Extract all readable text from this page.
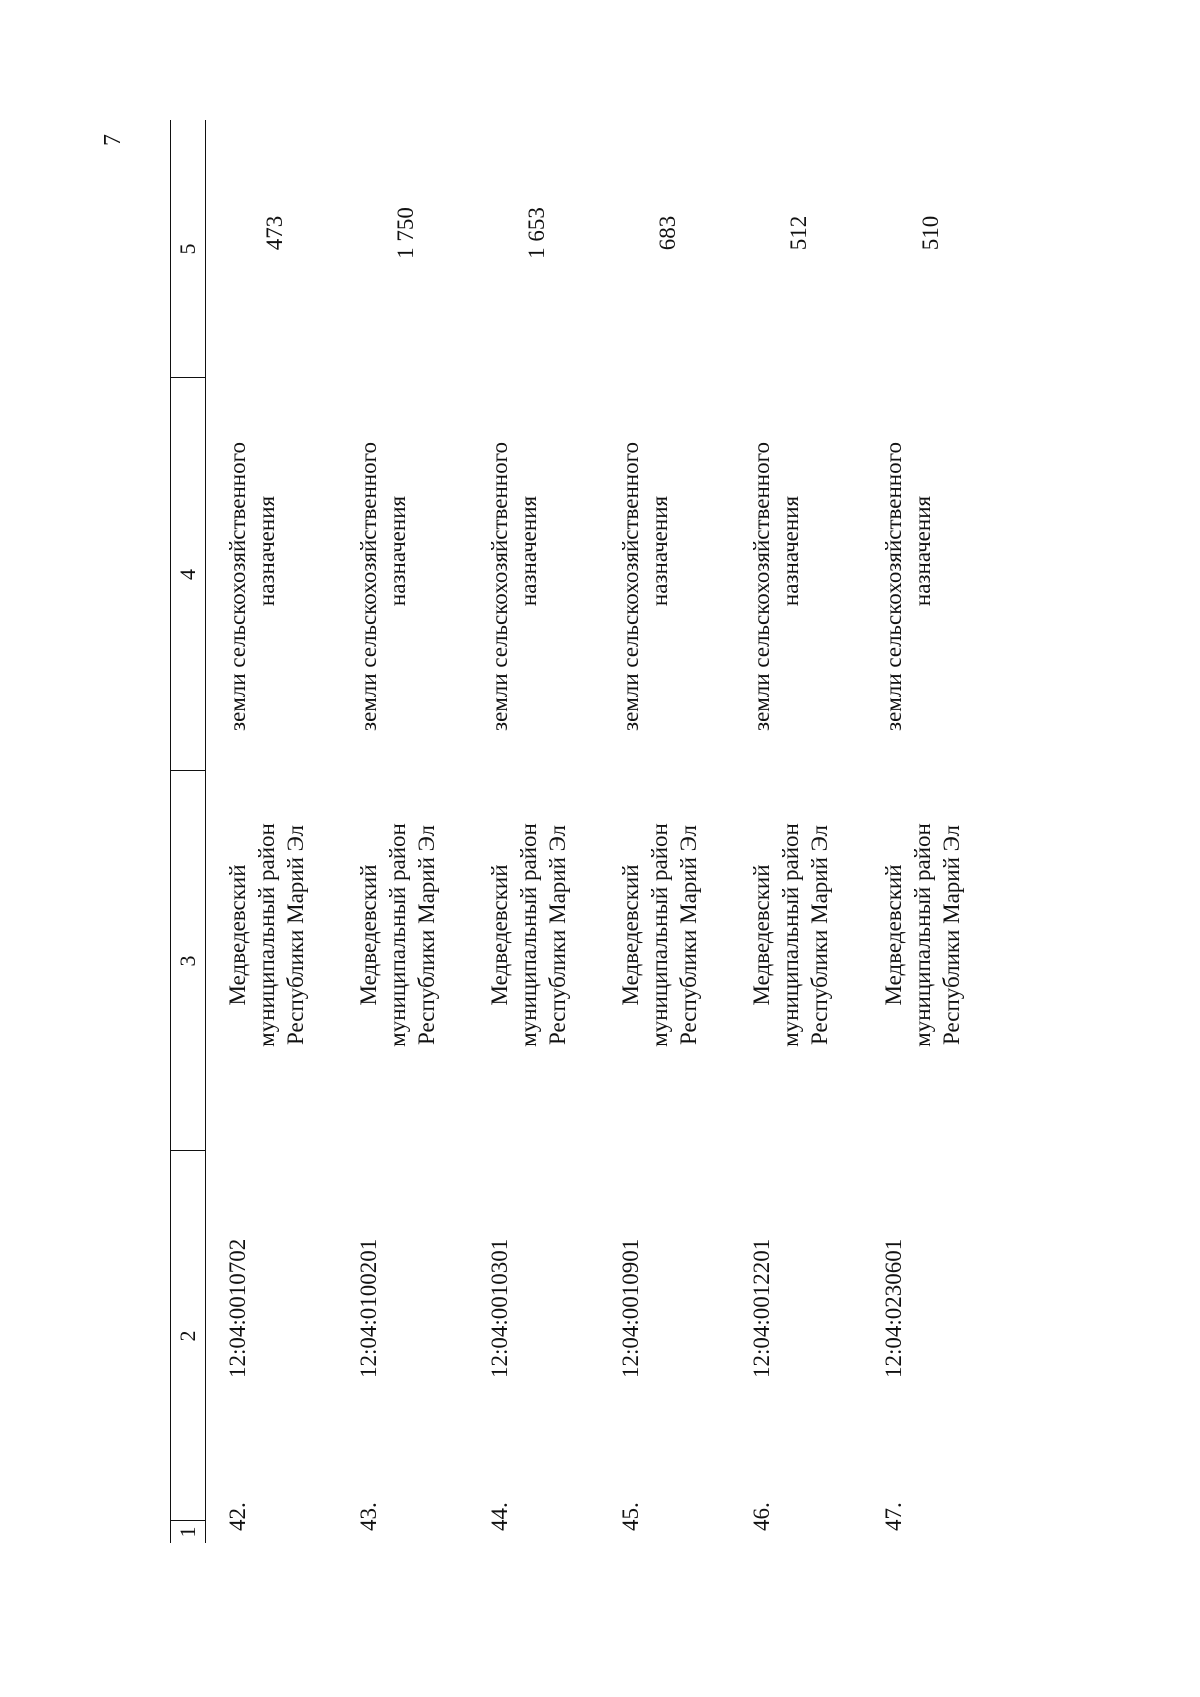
7
1
2
3
4
5
42.
12:04:0010702
Медведевский муниципальный район Республики Марий Эл
земли сельскохозяйственного назначения
473
43.
12:04:0100201
Медведевский муниципальный район Республики Марий Эл
земли сельскохозяйственного назначения
1 750
44.
12:04:0010301
Медведевский муниципальный район Республики Марий Эл
земли сельскохозяйственного назначения
1 653
45.
12:04:0010901
Медведевский муниципальный район Республики Марий Эл
земли сельскохозяйственного назначения
683
46.
12:04:0012201
Медведевский муниципальный район Республики Марий Эл
земли сельскохозяйственного назначения
512
47.
12:04:0230601
Медведевский муниципальный район Республики Марий Эл
земли сельскохозяйственного назначения
510
